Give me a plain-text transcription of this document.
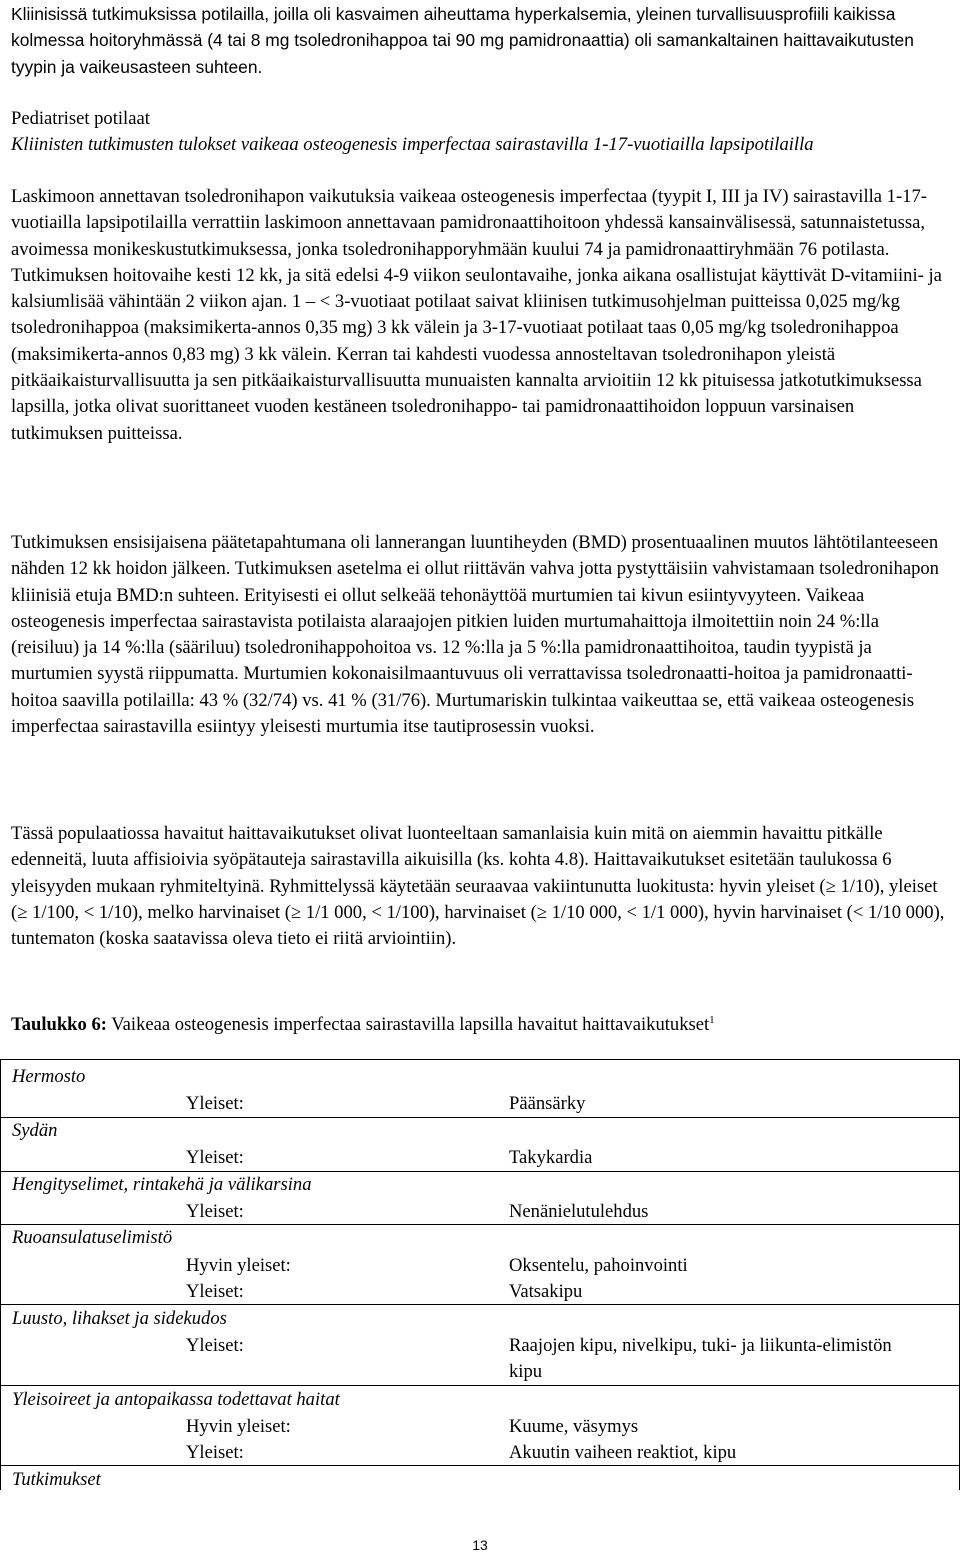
Kliinisissä tutkimuksissa potilailla, joilla oli kasvaimen aiheuttama hyperkalsemia, yleinen turvallisuusprofiili kaikissa kolmessa hoitoryhmässä (4 tai 8 mg tsoledronihappoa tai 90 mg pamidronaattia) oli samankaltainen haittavaikutusten tyypin ja vaikeusasteen suhteen.

Pediatriset potilaat

Kliinisten tutkimusten tulokset vaikeaa osteogenesis imperfectaa sairastavilla 1-17-vuotiailla lapsipotilailla

Laskimoon annettavan tsoledronihapon vaikutuksia vaikeaa osteogenesis imperfectaa (tyypit I, III ja IV) sairastavilla 1-17-vuotiailla lapsipotilailla verrattiin laskimoon annettavaan pamidronaattihoitoon yhdessä kansainvälisessä, satunnaistetussa, avoimessa monikeskustutkimuksessa, jonka tsoledronihapporyhmään kuului 74 ja pamidronaattiryhmään 76 potilasta. Tutkimuksen hoitovaihe kesti 12 kk, ja sitä edelsi 4-9 viikon seulontavaihe, jonka aikana osallistujat käyttivät D-vitamiini- ja kalsiumlisää vähintään 2 viikon ajan. 1 – < 3-vuotiaat potilaat saivat kliinisen tutkimusohjelman puitteissa 0,025 mg/kg tsoledronihappoa (maksimikerta-annos 0,35 mg) 3 kk välein ja 3-17-vuotiaat potilaat taas 0,05 mg/kg tsoledronihappoa (maksimikerta-annos 0,83 mg) 3 kk välein. Kerran tai kahdesti vuodessa annosteltavan tsoledronihapon yleistä pitkäaikaisturvallisuutta ja sen pitkäaikaisturvallisuutta munuaisten kannalta arvioitiin 12 kk pituisessa jatkotutkimuksessa lapsilla, jotka olivat suorittaneet vuoden kestäneen tsoledronihappo- tai pamidronaattihoidon loppuun varsinaisen tutkimuksen puitteissa.

Tutkimuksen ensisijaisena päätetapahtumana oli lannerangan luuntiheyden (BMD) prosentuaalinen muutos lähtötilanteeseen nähden 12 kk hoidon jälkeen. Tutkimuksen asetelma ei ollut riittävän vahva jotta pystyttäisiin vahvistamaan tsoledronihapon kliinisiä etuja BMD:n suhteen. Erityisesti ei ollut selkeää tehonäyttöä murtumien tai kivun esiintyvyyteen. Vaikeaa osteogenesis imperfectaa sairastavista potilaista alaraajojen pitkien luiden murtumahaittoja ilmoitettiin noin 24 %:lla (reisiluu) ja 14 %:lla (sääriluu) tsoledronihappohoitoa vs. 12 %:lla ja 5 %:lla pamidronaattihoitoa, taudin tyypistä ja murtumien syystä riippumatta. Murtumien kokonaisilmaantuvuus oli verrattavissa tsoledronaatti-hoitoa ja pamidronaatti-hoitoa saavilla potilailla: 43 % (32/74) vs. 41 % (31/76). Murtumariskin tulkintaa vaikeuttaa se, että vaikeaa osteogenesis imperfectaa sairastavilla esiintyy yleisesti murtumia itse tautiprosessin vuoksi.

Tässä populaatiossa havaitut haittavaikutukset olivat luonteeltaan samanlaisia kuin mitä on aiemmin havaittu pitkälle edenneitä, luuta affisioivia syöpätauteja sairastavilla aikuisilla (ks. kohta 4.8). Haittavaikutukset esitetään taulukossa 6 yleisyyden mukaan ryhmiteltyinä. Ryhmittelyssä käytetään seuraavaa vakiintunutta luokitusta: hyvin yleiset (≥ 1/10), yleiset (≥ 1/100, < 1/10), melko harvinaiset (≥ 1/1 000, < 1/100), harvinaiset (≥ 1/10 000, < 1/1 000), hyvin harvinaiset (< 1/10 000), tuntematon (koska saatavissa oleva tieto ei riitä arviointiin).

Taulukko 6: Vaikeaa osteogenesis imperfectaa sairastavilla lapsilla havaitut haittavaikutukset$^1$

Hermosto
Yleiset:	Päänsärky
Sydän
Yleiset:	Takykardia
Hengityselimet, rintakehä ja välikarsina
Yleiset:	Nenänielutulehdus
Ruoansulatuselimistö
Hyvin yleiset:	Oksentelu, pahoinvointi
Yleiset:	Vatsakipu
Luusto, lihakset ja sidekudos
Yleiset:	Raajojen kipu, nivelkipu, tuki- ja liikunta-elimistön kipu
Yleisoireet ja antopaikassa todettavat haitat
Hyvin yleiset:	Kuume, väsymys
Yleiset:	Akuutin vaiheen reaktiot, kipu
Tutkimukset
13
